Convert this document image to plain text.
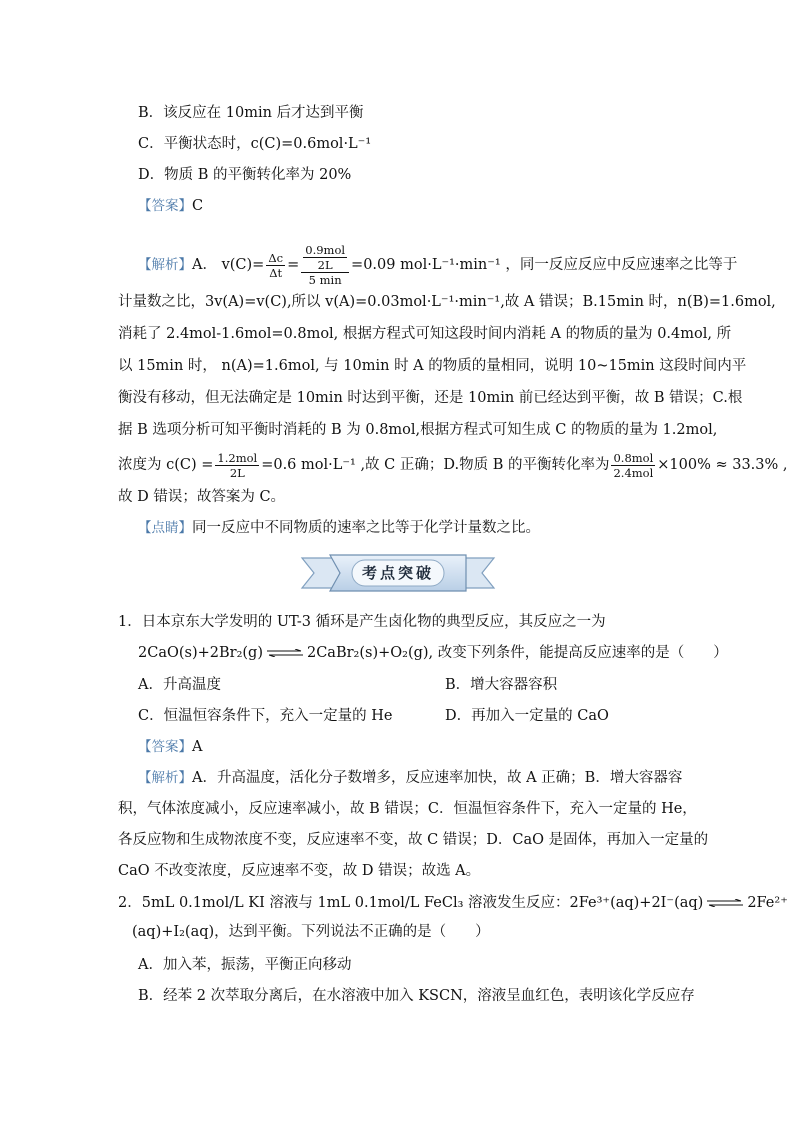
B．该反应在 10min 后才达到平衡
C．平衡状态时，c(C)=0.6mol·L⁻¹
D．物质 B 的平衡转化率为 20%
【答案】C
【解析】A． $v(C)= \frac{\Delta c}{\Delta t} = \frac{\frac{\text{0.9mol}}{2L}}{5 \min} =0.09$ mol·L⁻¹·min⁻¹ ，同一反应反应中反应速率之比等于
计量数之比，3v(A)=v(C),所以 v(A)=0.03mol·L⁻¹·min⁻¹,故 A 错误；B.15min 时，n(B)=1.6mol,
消耗了 2.4mol-1.6mol=0.8mol, 根据方程式可知这段时间内消耗 A 的物质的量为 0.4mol, 所
以 15min 时， n(A)=1.6mol, 与 10min 时 A 的物质的量相同，说明 10~15min 这段时间内平
衡没有移动，但无法确定是 10min 时达到平衡，还是 10min 前已经达到平衡，故 B 错误；C.根
据 B 选项分析可知平衡时消耗的 B 为 0.8mol,根据方程式可知生成 C 的物质的量为 1.2mol,
浓度为 $c(C) = \frac{\text{1.2mol}}{2L} =0.6$ mol·L⁻¹ ,故 C 正确；D.物质 B 的平衡转化率为 $\frac{\text{0.8mol}}{\text{2.4mol}} \times 100\% \approx 33.3\%$ ,
故 D 错误；故答案为 C。
【点睛】同一反应中不同物质的速率之比等于化学计量数之比。
考点突破
1．日本京东大学发明的 UT-3 循环是产生卤化物的典型反应，其反应之一为
2CaO(s)+2Br₂(g) ⇌ 2CaBr₂(s)+O₂(g), 改变下列条件，能提高反应速率的是（　　）
A．升高温度	B．增大容器容积
C．恒温恒容条件下，充入一定量的 He	D．再加入一定量的 CaO
【答案】A
【解析】A．升高温度，活化分子数增多，反应速率加快，故 A 正确；B．增大容器容
积，气体浓度减小，反应速率减小，故 B 错误；C．恒温恒容条件下，充入一定量的 He，
各反应物和生成物浓度不变，反应速率不变，故 C 错误；D．CaO 是固体，再加入一定量的
CaO 不改变浓度，反应速率不变，故 D 错误；故选 A。
2．5mL 0.1mol/L KI 溶液与 1mL 0.1mol/L FeCl₃ 溶液发生反应：2Fe³⁺(aq)+2I⁻(aq) ⇌ 2Fe²⁺
(aq)+I₂(aq)，达到平衡。下列说法不正确的是（　　）
A．加入苯，振荡，平衡正向移动
B．经苯 2 次萃取分离后，在水溶液中加入 KSCN，溶液呈血红色，表明该化学反应存
